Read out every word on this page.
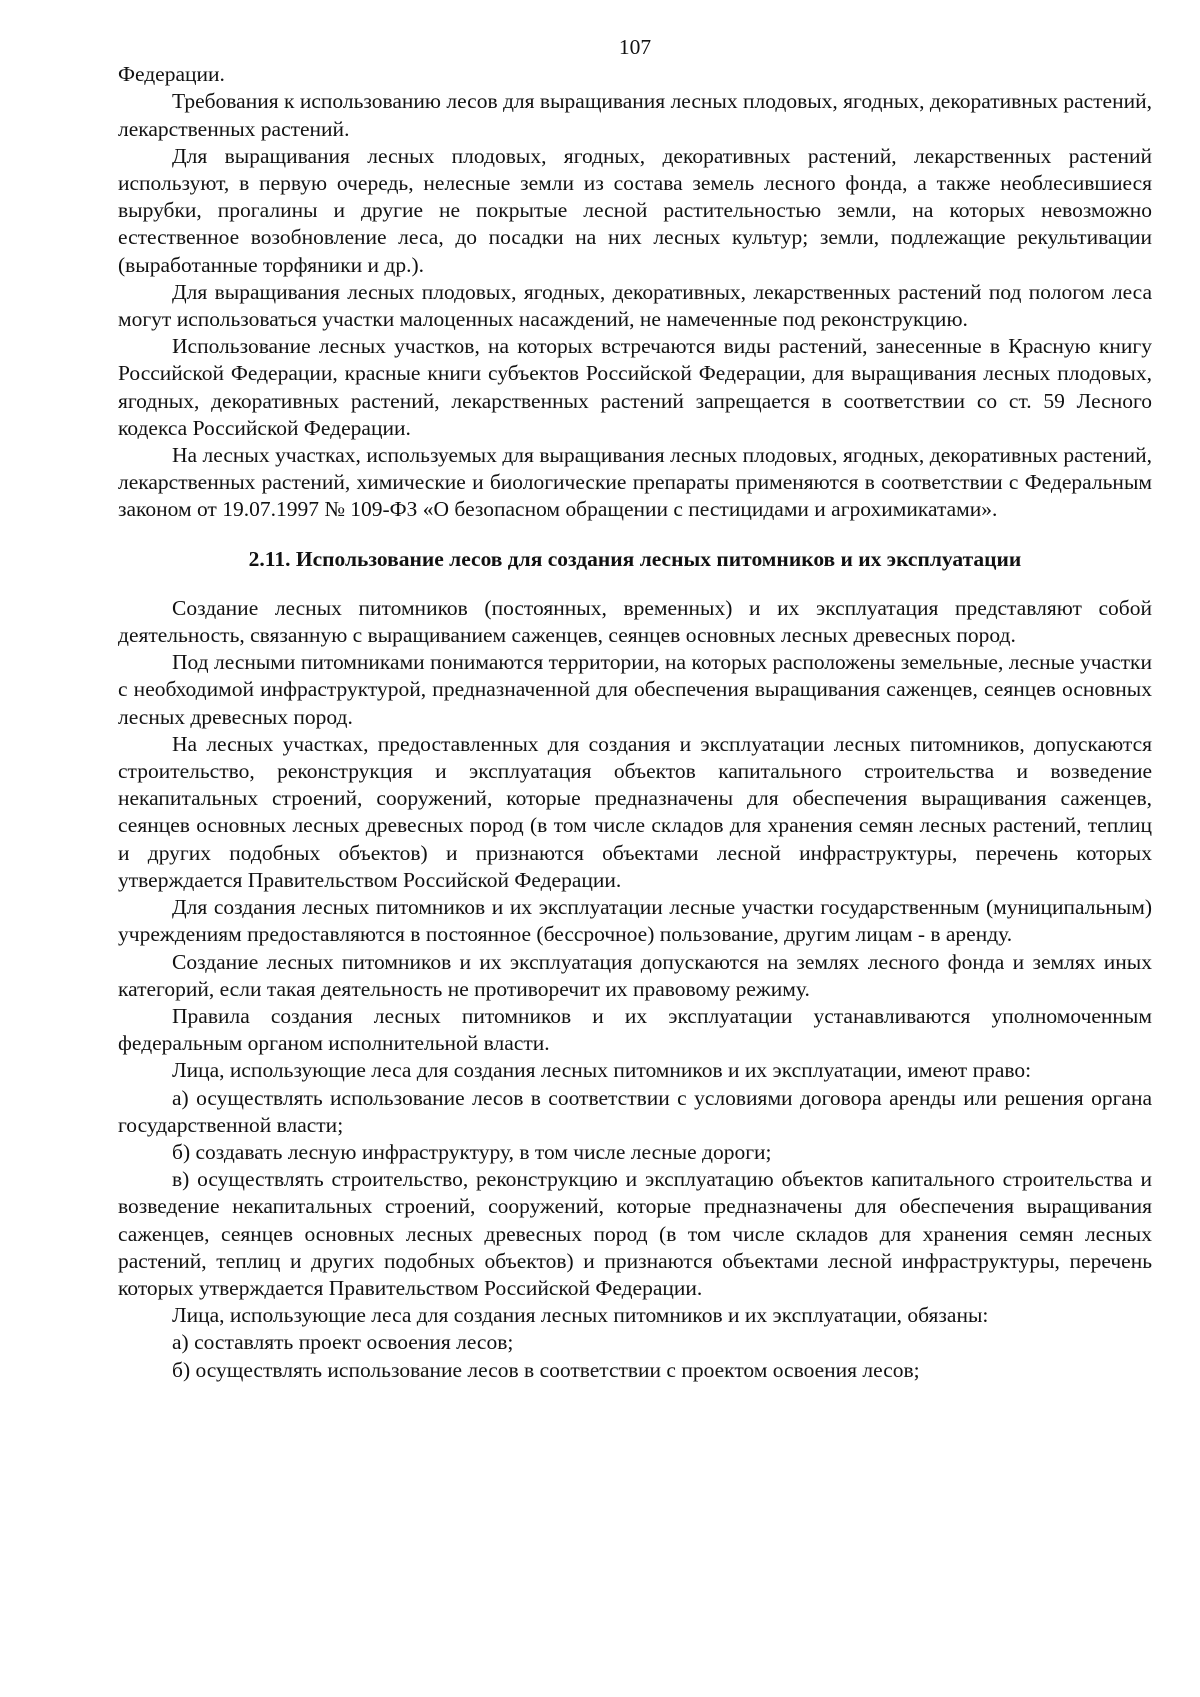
107

Федерации.

Требования к использованию лесов для выращивания лесных плодовых, ягодных, декоративных растений, лекарственных растений.

Для выращивания лесных плодовых, ягодных, декоративных растений, лекарственных растений используют, в первую очередь, нелесные земли из состава земель лесного фонда, а также необлесившиеся вырубки, прогалины и другие не покрытые лесной растительностью земли, на которых невозможно естественное возобновление леса, до посадки на них лесных культур; земли, подлежащие рекультивации (выработанные торфяники и др.).

Для выращивания лесных плодовых, ягодных, декоративных, лекарственных растений под пологом леса могут использоваться участки малоценных насаждений, не намеченные под реконструкцию.

Использование лесных участков, на которых встречаются виды растений, занесенные в Красную книгу Российской Федерации, красные книги субъектов Российской Федерации, для выращивания лесных плодовых, ягодных, декоративных растений, лекарственных растений запрещается в соответствии со ст. 59 Лесного кодекса Российской Федерации.

На лесных участках, используемых для выращивания лесных плодовых, ягодных, декоративных растений, лекарственных растений, химические и биологические препараты применяются в соответствии с Федеральным законом от 19.07.1997 № 109-ФЗ «О безопасном обращении с пестицидами и агрохимикатами».

2.11. Использование лесов для создания лесных питомников и их эксплуатации

Создание лесных питомников (постоянных, временных) и их эксплуатация представляют собой деятельность, связанную с выращиванием саженцев, сеянцев основных лесных древесных пород.

Под лесными питомниками понимаются территории, на которых расположены земельные, лесные участки с необходимой инфраструктурой, предназначенной для обеспечения выращивания саженцев, сеянцев основных лесных древесных пород.

На лесных участках, предоставленных для создания и эксплуатации лесных питомников, допускаются строительство, реконструкция и эксплуатация объектов капитального строительства и возведение некапитальных строений, сооружений, которые предназначены для обеспечения выращивания саженцев, сеянцев основных лесных древесных пород (в том числе складов для хранения семян лесных растений, теплиц и других подобных объектов) и признаются объектами лесной инфраструктуры, перечень которых утверждается Правительством Российской Федерации.

Для создания лесных питомников и их эксплуатации лесные участки государственным (муниципальным) учреждениям предоставляются в постоянное (бессрочное) пользование, другим лицам - в аренду.

Создание лесных питомников и их эксплуатация допускаются на землях лесного фонда и землях иных категорий, если такая деятельность не противоречит их правовому режиму.

Правила создания лесных питомников и их эксплуатации устанавливаются уполномоченным федеральным органом исполнительной власти.

Лица, использующие леса для создания лесных питомников и их эксплуатации, имеют право:

а) осуществлять использование лесов в соответствии с условиями договора аренды или решения органа государственной власти;

б) создавать лесную инфраструктуру, в том числе лесные дороги;

в) осуществлять строительство, реконструкцию и эксплуатацию объектов капитального строительства и возведение некапитальных строений, сооружений, которые предназначены для обеспечения выращивания саженцев, сеянцев основных лесных древесных пород (в том числе складов для хранения семян лесных растений, теплиц и других подобных объектов) и признаются объектами лесной инфраструктуры, перечень которых утверждается Правительством Российской Федерации.

Лица, использующие леса для создания лесных питомников и их эксплуатации, обязаны:

а) составлять проект освоения лесов;

б) осуществлять использование лесов в соответствии с проектом освоения лесов;
